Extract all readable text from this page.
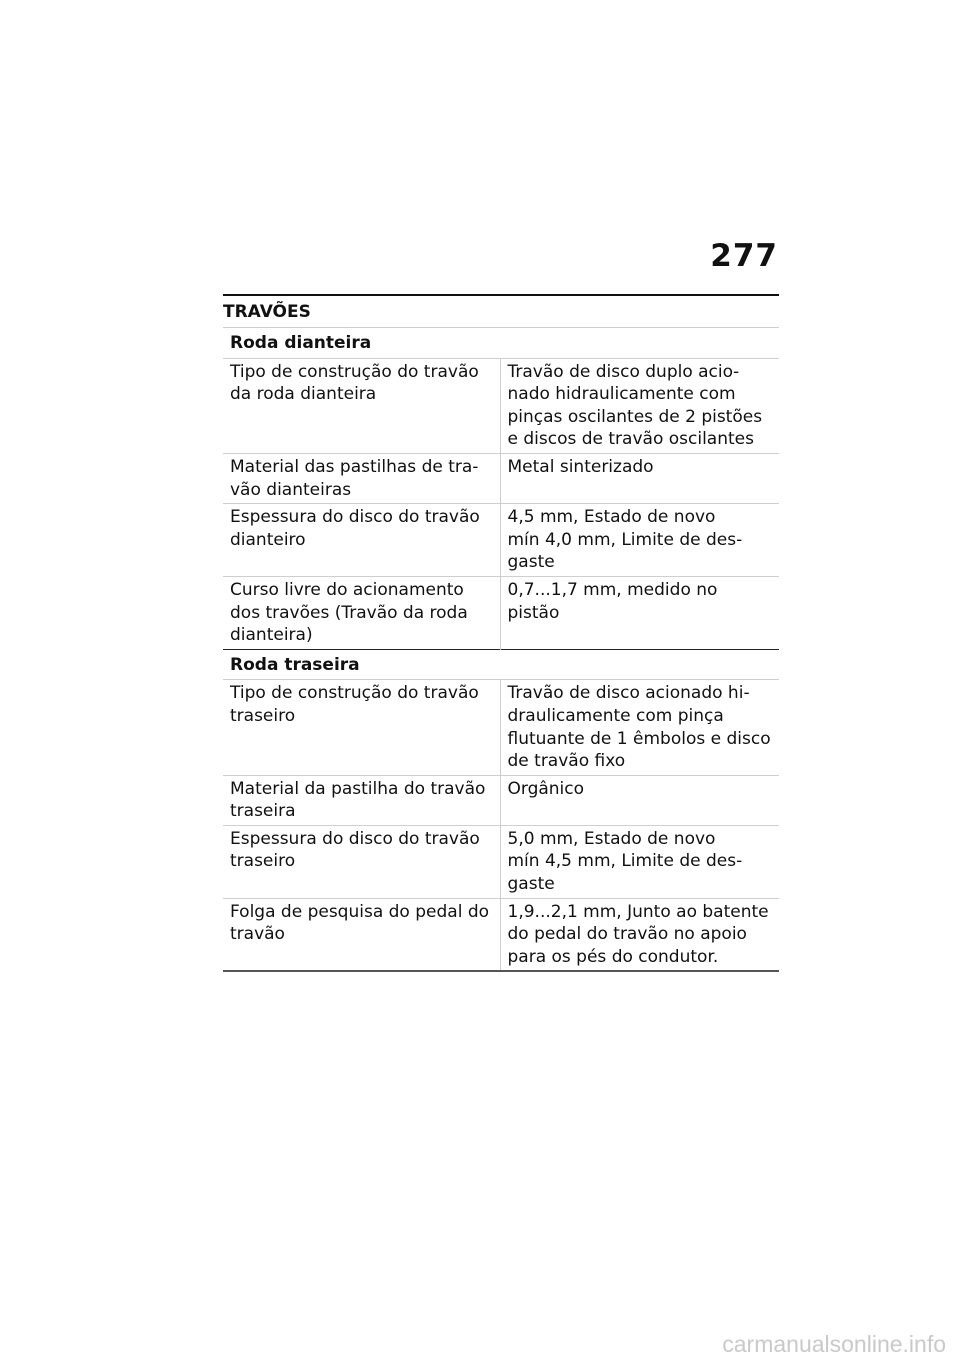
277
TRAVÕES
Roda dianteira	
Tipo de construção do travão da roda dianteira	Travão de disco duplo acionado hidraulicamente com pinças oscilantes de 2 pistões e discos de travão oscilantes
Material das pastilhas de travão dianteiras	Metal sinterizado
Espessura do disco do travão dianteiro	4,5 mm, Estado de novo
mín 4,0 mm, Limite de desgaste
Curso livre do acionamento dos travões (Travão da roda dianteira)	0,7...1,7 mm, medido no pistão
Roda traseira	
Tipo de construção do travão traseiro	Travão de disco acionado hidraulicamente com pinça flutuante de 1 êmbolos e disco de travão fixo
Material da pastilha do travão traseira	Orgânico
Espessura do disco do travão traseiro	5,0 mm, Estado de novo
mín 4,5 mm, Limite de desgaste
Folga de pesquisa do pedal do travão	1,9...2,1 mm, Junto ao batente do pedal do travão no apoio para os pés do condutor.
carmanualsonline.info
